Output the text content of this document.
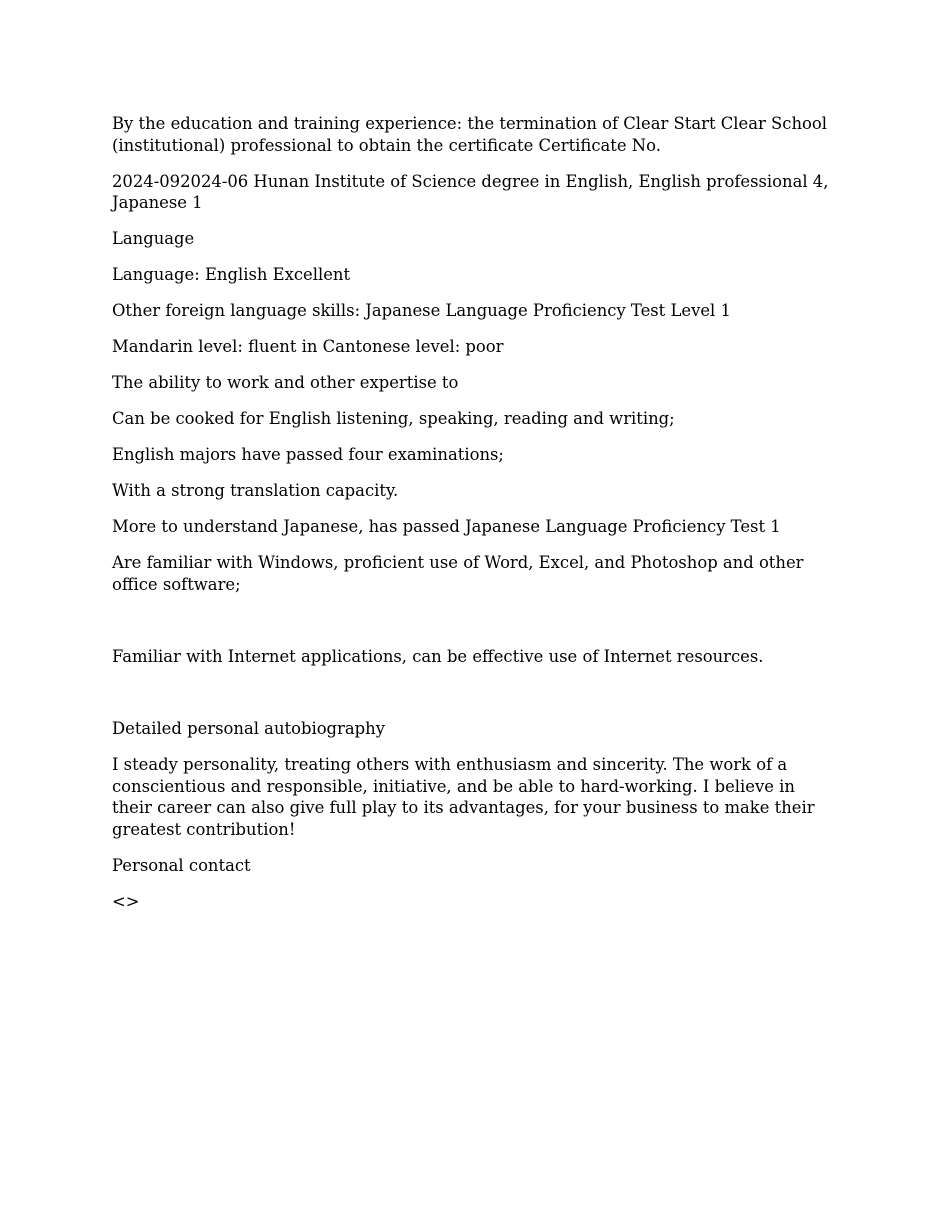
By the education and training experience: the termination of Clear Start Clear School (institutional) professional to obtain the certificate Certificate No.

2024-092024-06 Hunan Institute of Science degree in English, English professional 4, Japanese 1

Language

Language: English Excellent

Other foreign language skills: Japanese Language Proficiency Test Level 1

Mandarin level: fluent in Cantonese level: poor

The ability to work and other expertise to

Can be cooked for English listening, speaking, reading and writing;

English majors have passed four examinations;

With a strong translation capacity.

More to understand Japanese, has passed Japanese Language Proficiency Test 1

Are familiar with Windows, proficient use of Word, Excel, and Photoshop and other office software;

Familiar with Internet applications, can be effective use of Internet resources.

Detailed personal autobiography

I steady personality, treating others with enthusiasm and sincerity. The work of a conscientious and responsible, initiative, and be able to hard-working. I believe in their career can also give full play to its advantages, for your business to make their greatest contribution!

Personal contact

<>
